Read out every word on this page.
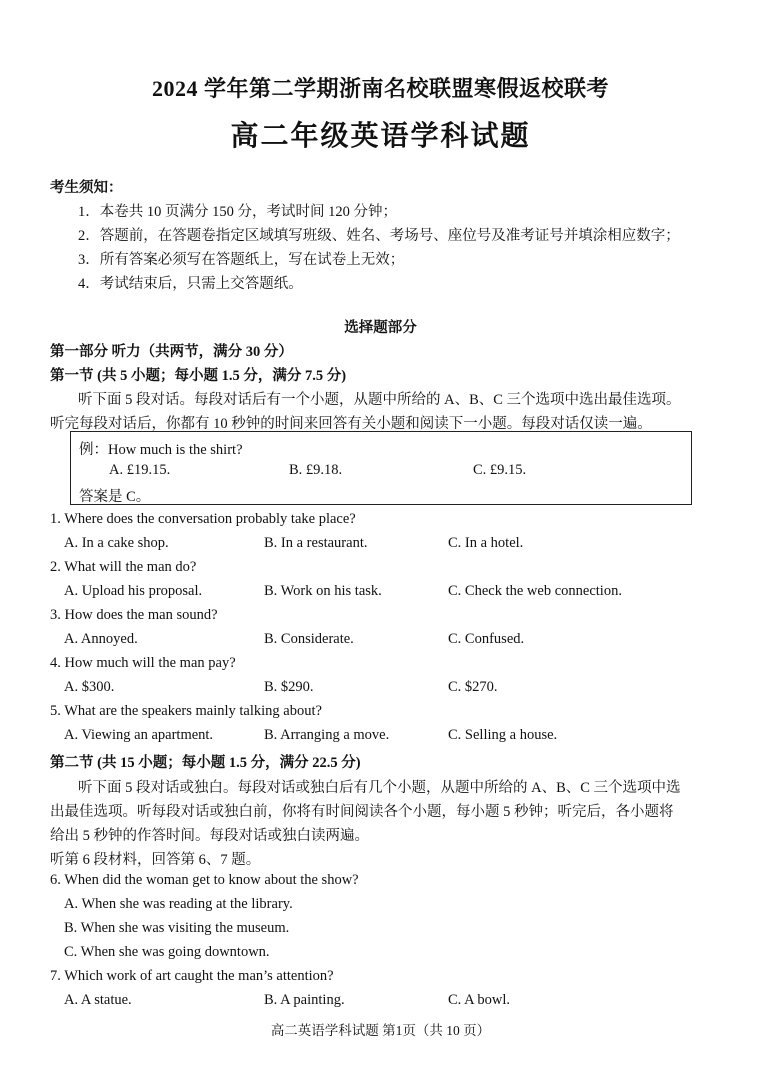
2024 学年第二学期浙南名校联盟寒假返校联考
高二年级英语学科试题
考生须知：
1．本卷共 10 页满分 150 分，考试时间 120 分钟；
2．答题前，在答题卷指定区域填写班级、姓名、考场号、座位号及准考证号并填涂相应数字；
3．所有答案必须写在答题纸上，写在试卷上无效；
4．考试结束后，只需上交答题纸。
选择题部分
第一部分 听力（共两节，满分 30 分）
第一节 (共 5 小题；每小题 1.5 分，满分 7.5 分)
听下面 5 段对话。每段对话后有一个小题，从题中所给的 A、B、C 三个选项中选出最佳选项。
听完每段对话后，你都有 10 秒钟的时间来回答有关小题和阅读下一小题。每段对话仅读一遍。
例：How much is the shirt?
A. £19.15.	B. £9.18.	C. £9.15.
答案是 C。
1. Where does the conversation probably take place?
A. In a cake shop.	B. In a restaurant.	C. In a hotel.
2. What will the man do?
A. Upload his proposal.	B. Work on his task.	C. Check the web connection.
3. How does the man sound?
A. Annoyed.	B. Considerate.	C. Confused.
4. How much will the man pay?
A. $300.	B. $290.	C. $270.
5. What are the speakers mainly talking about?
A. Viewing an apartment.	B. Arranging a move.	C. Selling a house.
第二节 (共 15 小题；每小题 1.5 分，满分 22.5 分)
听下面 5 段对话或独白。每段对话或独白后有几个小题，从题中所给的 A、B、C 三个选项中选
出最佳选项。听每段对话或独白前，你将有时间阅读各个小题，每小题 5 秒钟；听完后，各小题将
给出 5 秒钟的作答时间。每段对话或独白读两遍。
听第 6 段材料，回答第 6、7 题。
6. When did the woman get to know about the show?
A. When she was reading at the library.
B. When she was visiting the museum.
C. When she was going downtown.
7. Which work of art caught the man’s attention?
A. A statue.	B. A painting.	C. A bowl.
高二英语学科试题 第1页（共 10 页）
